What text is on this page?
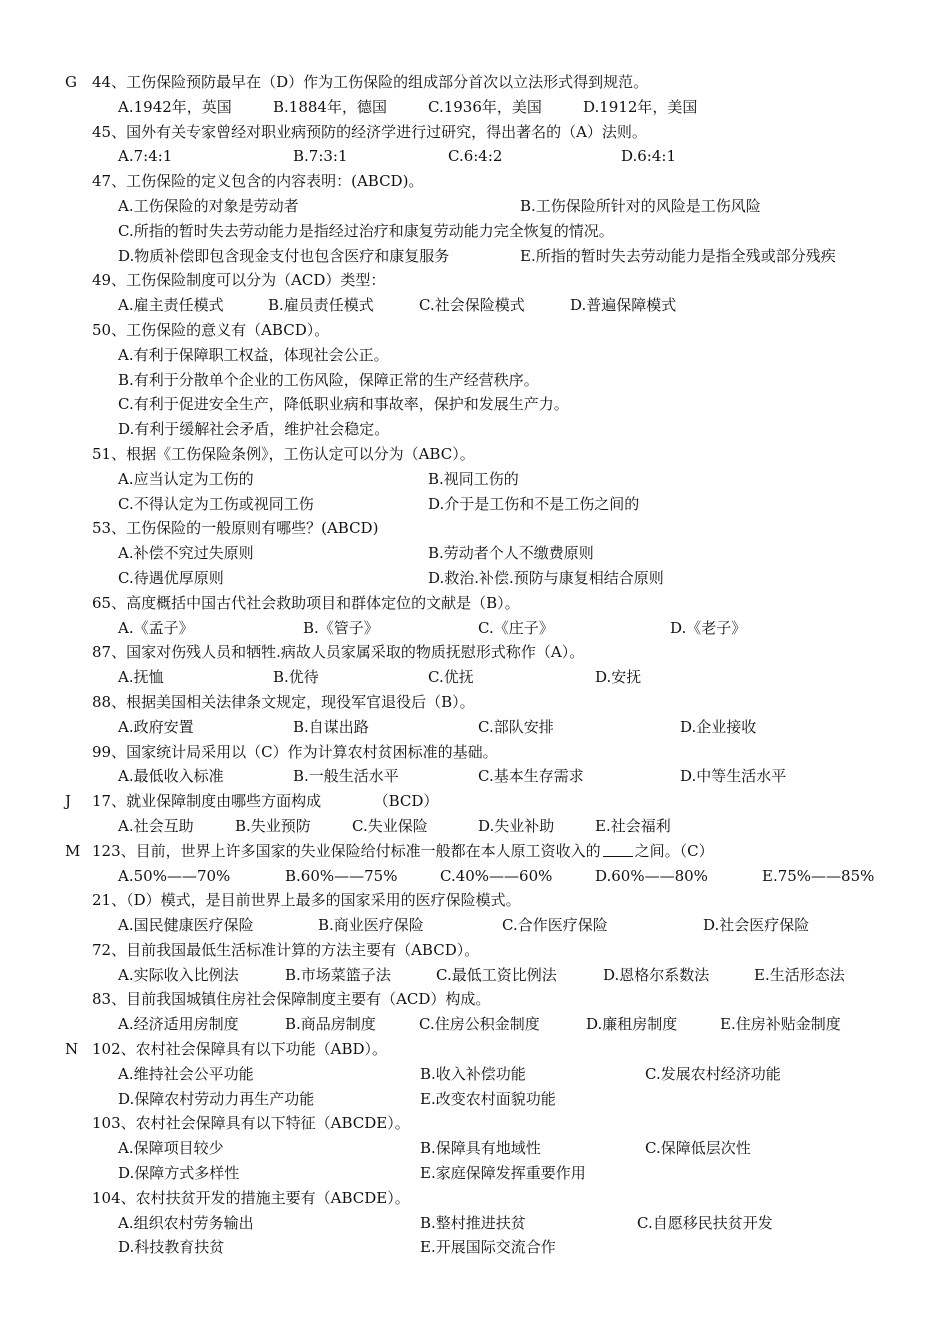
G 44、工伤保险预防最早在（D）作为工伤保险的组成部分首次以立法形式得到规范。
A.1942年，英国	B.1884年，德国	C.1936年，美国	D.1912年，美国
45、国外有关专家曾经对职业病预防的经济学进行过研究，得出著名的（A）法则。
A.7:4:1	B.7:3:1	C.6:4:2	D.6:4:1
47、工伤保险的定义包含的内容表明：(ABCD)。
A.工伤保险的对象是劳动者	B.工伤保险所针对的风险是工伤风险
C.所指的暂时失去劳动能力是指经过治疗和康复劳动能力完全恢复的情况。
D.物质补偿即包含现金支付也包含医疗和康复服务	E.所指的暂时失去劳动能力是指全残或部分残疾
49、工伤保险制度可以分为（ACD）类型：
A.雇主责任模式	B.雇员责任模式	C.社会保险模式	D.普遍保障模式
50、工伤保险的意义有（ABCD）。
A.有利于保障职工权益，体现社会公正。
B.有利于分散单个企业的工伤风险，保障正常的生产经营秩序。
C.有利于促进安全生产，降低职业病和事故率，保护和发展生产力。
D.有利于缓解社会矛盾，维护社会稳定。
51、根据《工伤保险条例》，工伤认定可以分为（ABC）。
A.应当认定为工伤的	B.视同工伤的
C.不得认定为工伤或视同工伤	D.介于是工伤和不是工伤之间的
53、工伤保险的一般原则有哪些？(ABCD)
A.补偿不究过失原则	B.劳动者个人不缴费原则
C.待遇优厚原则	D.救治.补偿.预防与康复相结合原则
65、高度概括中国古代社会救助项目和群体定位的文献是（B）。
A.《孟子》	B.《管子》	C.《庄子》	D.《老子》
87、国家对伤残人员和牺牲.病故人员家属采取的物质抚慰形式称作（A）。
A.抚恤	B.优待	C.优抚	D.安抚
88、根据美国相关法律条文规定，现役军官退役后（B）。
A.政府安置	B.自谋出路	C.部队安排	D.企业接收
99、国家统计局采用以（C）作为计算农村贫困标准的基础。
A.最低收入标准	B.一般生活水平	C.基本生存需求	D.中等生活水平
J 17、就业保障制度由哪些方面构成　　　　（BCD）
A.社会互助	B.失业预防	C.失业保险	D.失业补助	E.社会福利
M 123、目前，世界上许多国家的失业保险给付标准一般都在本人原工资收入的 之间。（C）
A.50%——70%	B.60%——75%	C.40%——60%	D.60%——80%	E.75%——85%
21、（D）模式，是目前世界上最多的国家采用的医疗保险模式。
A.国民健康医疗保险	B.商业医疗保险	C.合作医疗保险	D.社会医疗保险
72、目前我国最低生活标准计算的方法主要有（ABCD）。
A.实际收入比例法	B.市场菜篮子法	C.最低工资比例法	D.恩格尔系数法	E.生活形态法
83、目前我国城镇住房社会保障制度主要有（ACD）构成。
A.经济适用房制度	B.商品房制度	C.住房公积金制度	D.廉租房制度	E.住房补贴金制度
N 102、农村社会保障具有以下功能（ABD）。
A.维持社会公平功能	B.收入补偿功能	C.发展农村经济功能
D.保障农村劳动力再生产功能	E.改变农村面貌功能
103、农村社会保障具有以下特征（ABCDE）。
A.保障项目较少	B.保障具有地域性	C.保障低层次性
D.保障方式多样性	E.家庭保障发挥重要作用
104、农村扶贫开发的措施主要有（ABCDE）。
A.组织农村劳务输出	B.整村推进扶贫	C.自愿移民扶贫开发
D.科技教育扶贫	E.开展国际交流合作
